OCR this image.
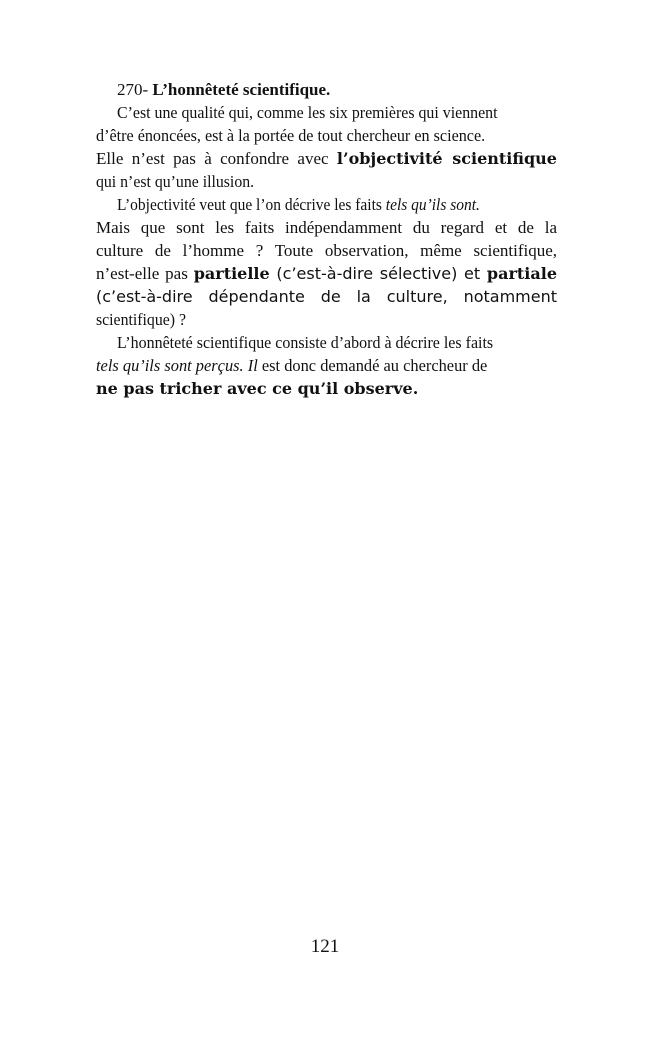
270- L’honnêteté scientifique.
C’est une qualité qui, comme les six premières qui viennent
d’être énoncées, est à la portée de tout chercheur en science.
Elle n’est pas à confondre avec l’objectivité scientifique
qui n’est qu’une illusion.
L’objectivité veut que l’on décrive les faits tels qu’ils sont.
Mais que sont les faits indépendamment du regard et de la
culture de l’homme ? Toute observation, même scientifique,
n’est-elle pas partielle (c’est-à-dire sélective) et partiale
(c’est-à-dire dépendante de la culture, notamment
scientifique) ?
L’honnêteté scientifique consiste d’abord à décrire les faits
tels qu’ils sont perçus. Il est donc demandé au chercheur de
ne pas tricher avec ce qu’il observe.
121
